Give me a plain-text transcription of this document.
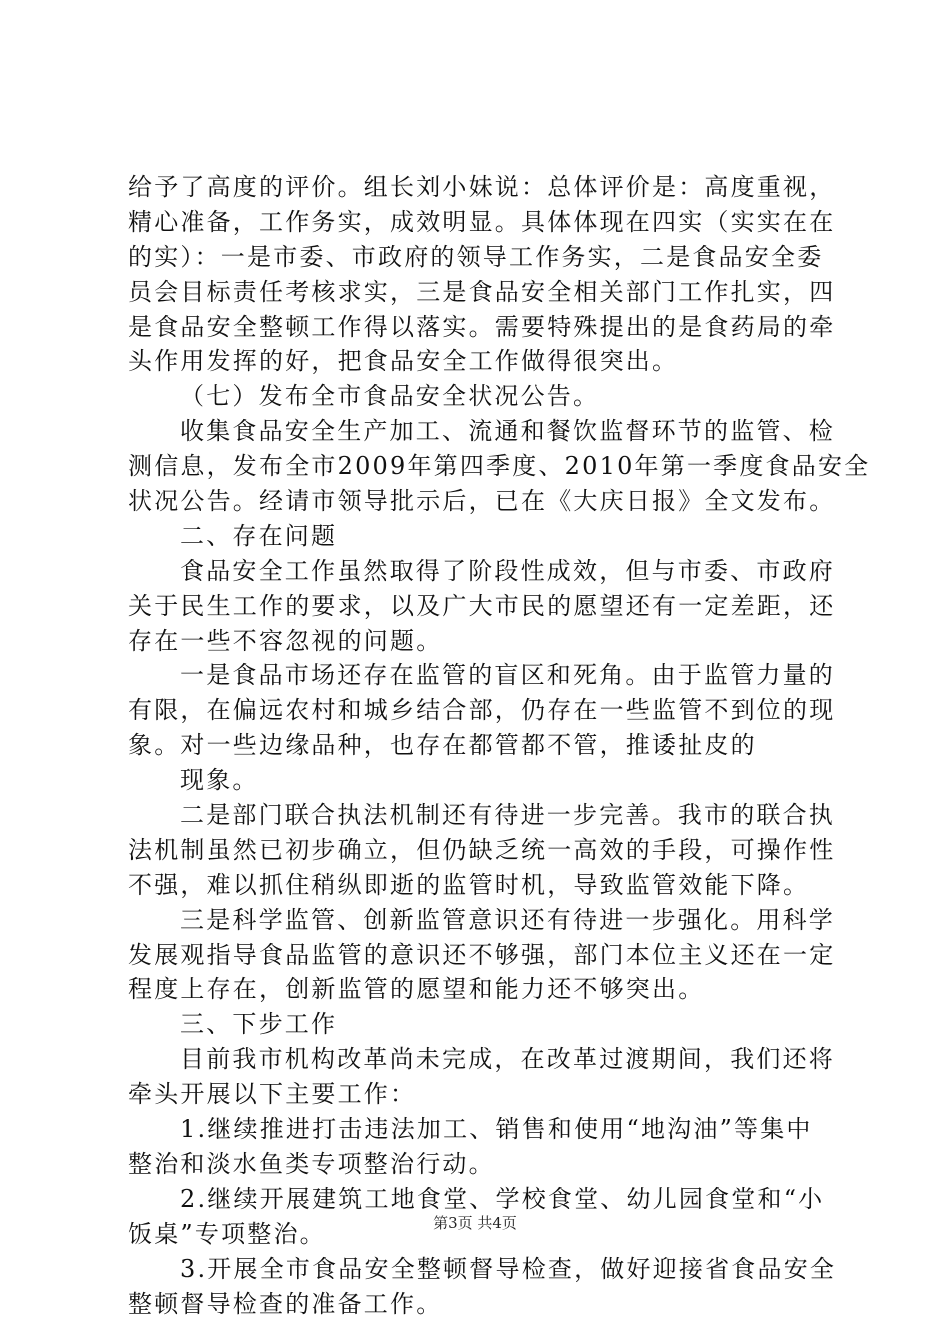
给予了高度的评价。组长刘小妹说：总体评价是：高度重视，
精心准备，工作务实，成效明显。具体体现在四实（实实在在
的实）：一是市委、市政府的领导工作务实，二是食品安全委
员会目标责任考核求实，三是食品安全相关部门工作扎实，四
是食品安全整顿工作得以落实。需要特殊提出的是食药局的牵
头作用发挥的好，把食品安全工作做得很突出。
（七）发布全市食品安全状况公告。
收集食品安全生产加工、流通和餐饮监督环节的监管、检
测信息，发布全市2009年第四季度、2010年第一季度食品安全
状况公告。经请市领导批示后，已在《大庆日报》全文发布。
二、存在问题
食品安全工作虽然取得了阶段性成效，但与市委、市政府
关于民生工作的要求，以及广大市民的愿望还有一定差距，还
存在一些不容忽视的问题。
一是食品市场还存在监管的盲区和死角。由于监管力量的
有限，在偏远农村和城乡结合部，仍存在一些监管不到位的现
象。对一些边缘品种，也存在都管都不管，推诿扯皮的
现象。
二是部门联合执法机制还有待进一步完善。我市的联合执
法机制虽然已初步确立，但仍缺乏统一高效的手段，可操作性
不强，难以抓住稍纵即逝的监管时机，导致监管效能下降。
三是科学监管、创新监管意识还有待进一步强化。用科学
发展观指导食品监管的意识还不够强，部门本位主义还在一定
程度上存在，创新监管的愿望和能力还不够突出。
三、下步工作
目前我市机构改革尚未完成，在改革过渡期间，我们还将
牵头开展以下主要工作：
1.继续推进打击违法加工、销售和使用“地沟油”等集中
整治和淡水鱼类专项整治行动。
2.继续开展建筑工地食堂、学校食堂、幼儿园食堂和“小
饭桌”专项整治。
3.开展全市食品安全整顿督导检查，做好迎接省食品安全
整顿督导检查的准备工作。
第3页 共4页
